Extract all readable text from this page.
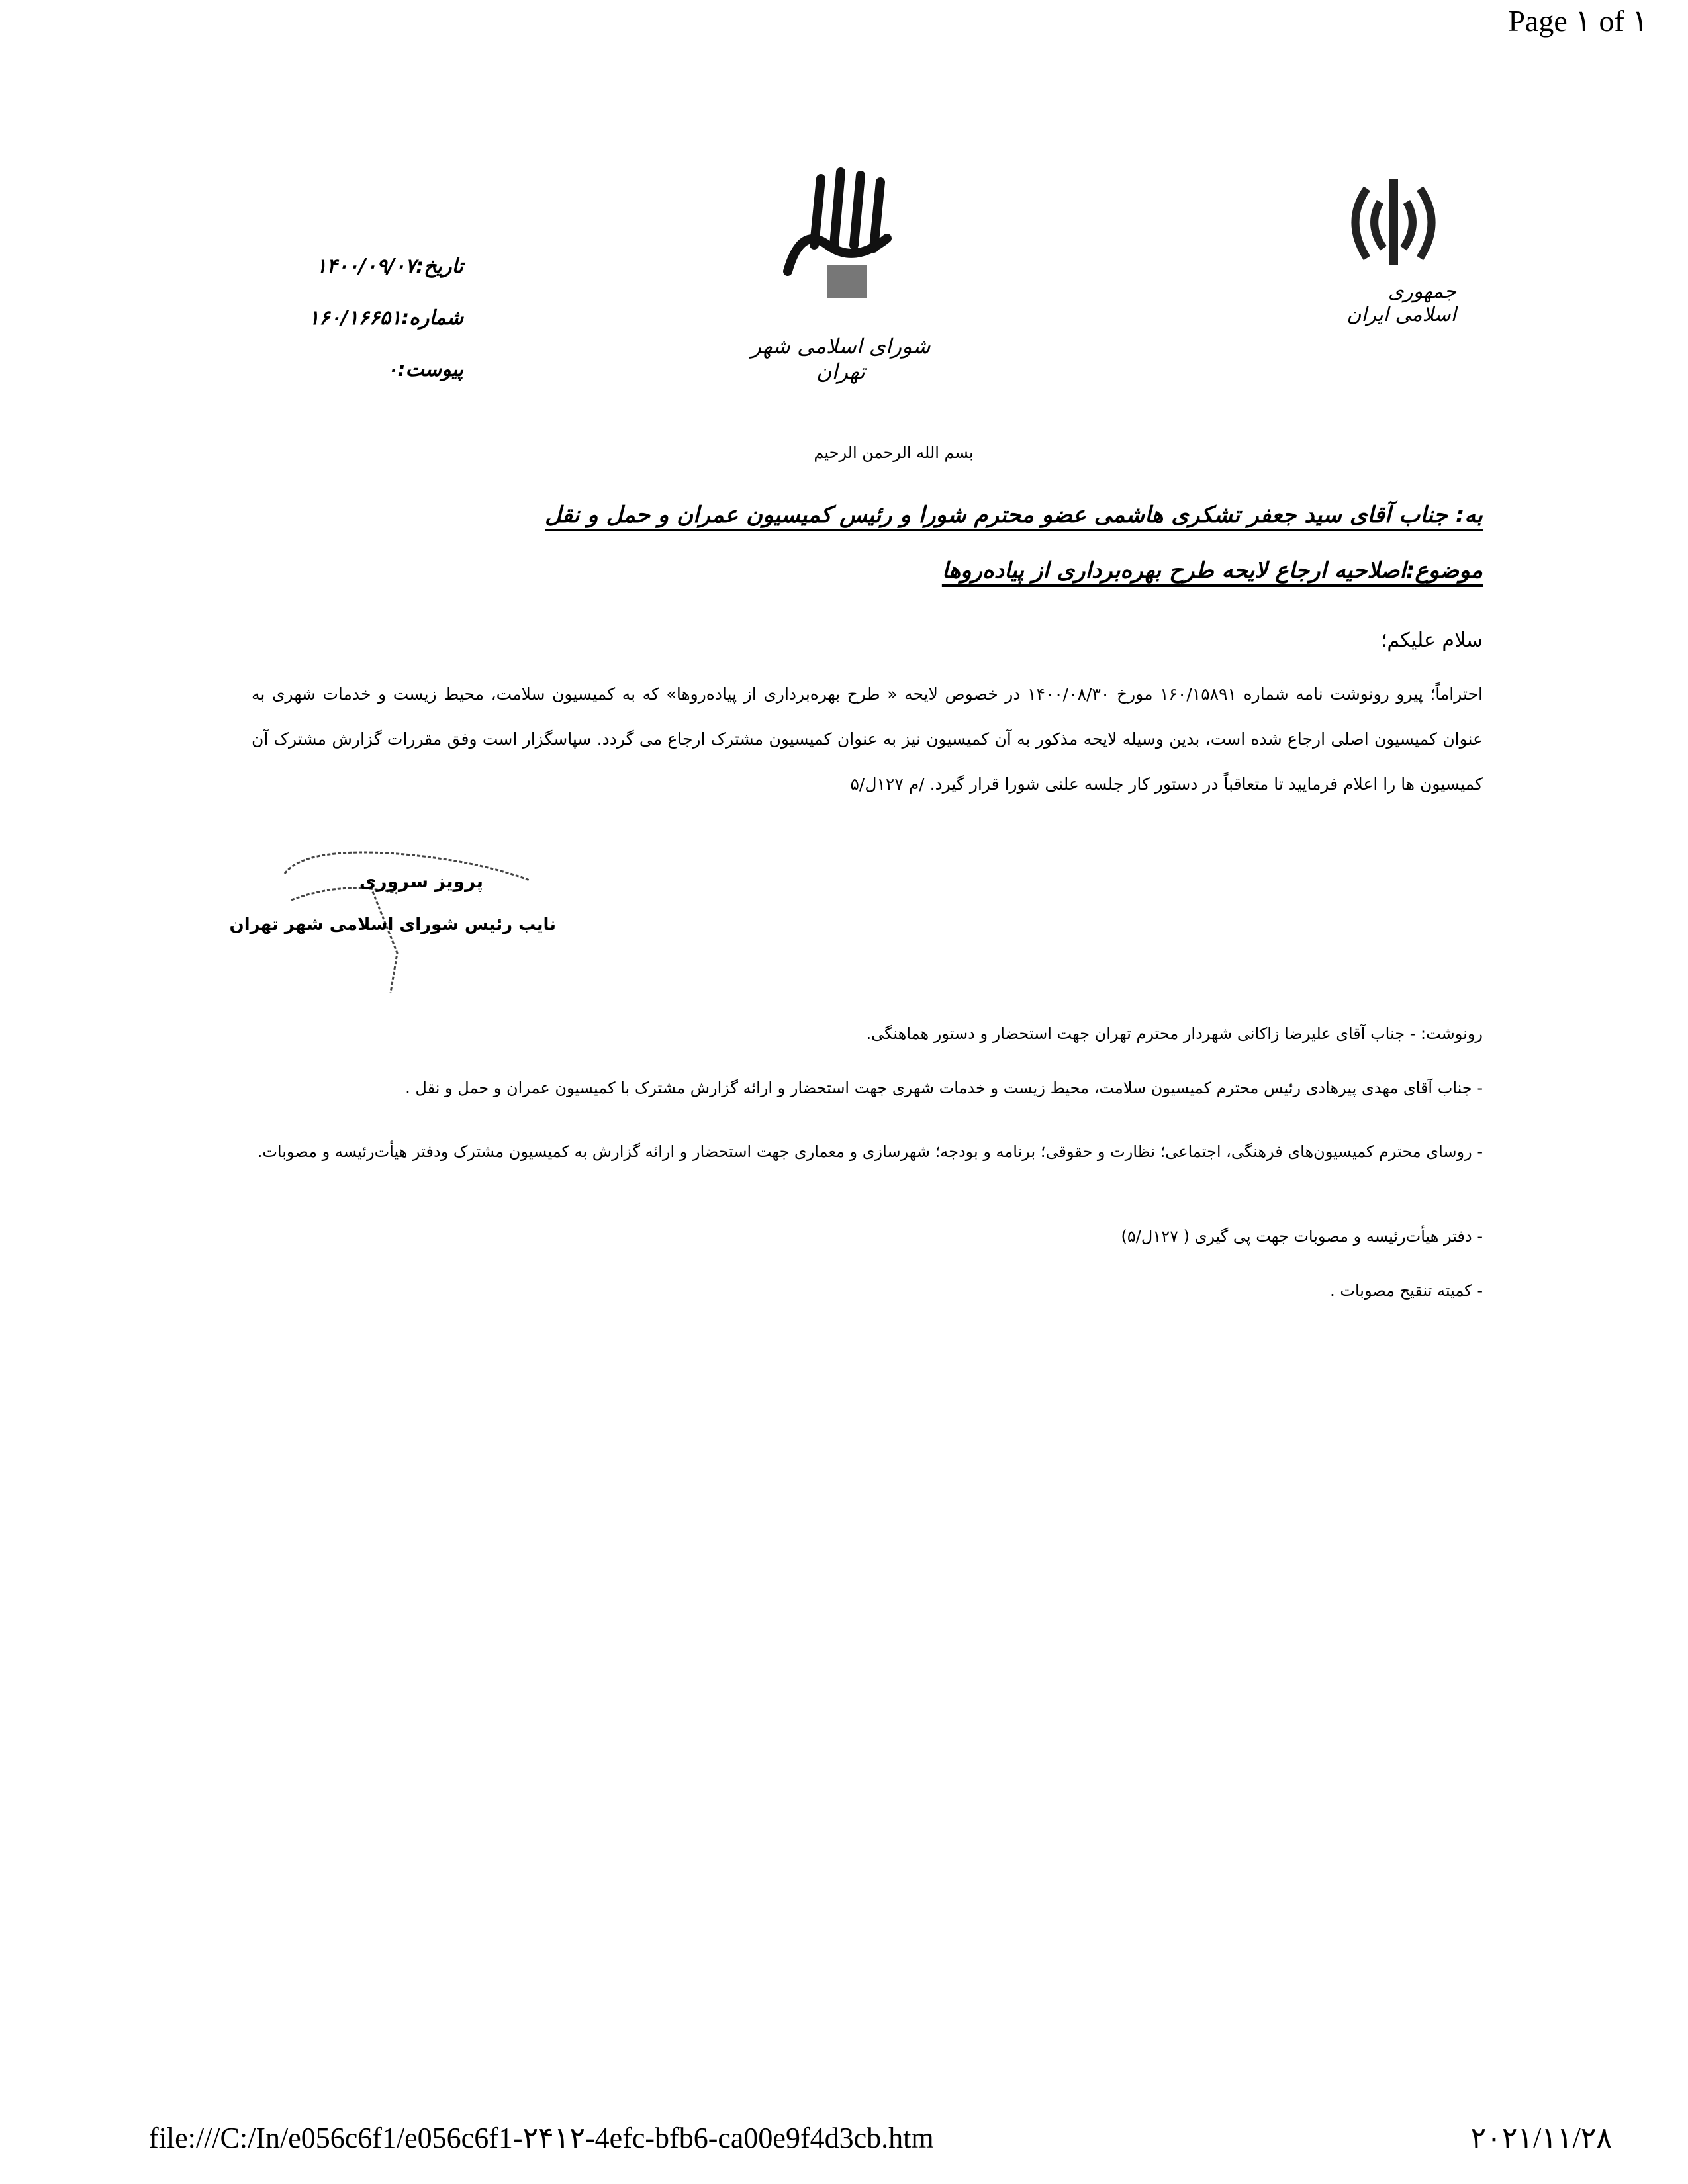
Page ۱ of ۱
جمهوری اسلامی ایران
شورای اسلامی شهر تهران
تاریخ:۱۴۰۰/۰۹/۰۷
شماره:۱۶۰/۱۶۶۵۱
پیوست:۰
بسم الله الرحمن الرحیم
به: جناب آقای سید جعفر تشکری هاشمی عضو محترم شورا و رئیس کمیسیون عمران و حمل و نقل
موضوع:اصلاحیه ارجاع لایحه طرح بهره‌برداری از پیاده‌روها
سلام علیکم؛
احتراماً؛ پیرو رونوشت نامه شماره ۱۶۰/۱۵۸۹۱ مورخ ۱۴۰۰/۰۸/۳۰ در خصوص لایحه « طرح بهره‌برداری از پیاده‌روها» که به کمیسیون سلامت، محیط زیست و خدمات شهری به عنوان کمیسیون اصلی ارجاع شده است، بدین وسیله لایحه مذکور به آن کمیسیون نیز به عنوان کمیسیون مشترک ارجاع می گردد. سپاسگزار است وفق مقررات گزارش مشترک آن کمیسیون ها را اعلام فرمایید تا متعاقباً در دستور کار جلسه علنی شورا قرار گیرد. /م ۱۲۷ل/۵
پرویز سروری
نایب رئیس شورای اسلامی شهر تهران
رونوشت: - جناب آقای علیرضا زاکانی شهردار محترم تهران جهت استحضار و دستور هماهنگی.
- جناب آقای مهدی پیرهادی رئیس محترم کمیسیون سلامت، محیط زیست و خدمات شهری جهت استحضار و ارائه گزارش مشترک با کمیسیون عمران و حمل و نقل .
- روسای محترم کمیسیون‌های فرهنگی، اجتماعی؛ نظارت و حقوقی؛ برنامه و بودجه؛ شهرسازی و معماری جهت استحضار و ارائه گزارش به کمیسیون مشترک ودفتر هیأت‌رئیسه و مصوبات.
- دفتر هیأت‌رئیسه و مصوبات جهت پی گیری ( ۱۲۷ل/۵)
- کمیته تنقیح مصوبات .
file:///C:/In/e056c6f1/e056c6f1-۲۴۱۲-4efc-bfb6-ca00e9f4d3cb.htm	۲۰۲۱/۱۱/۲۸
